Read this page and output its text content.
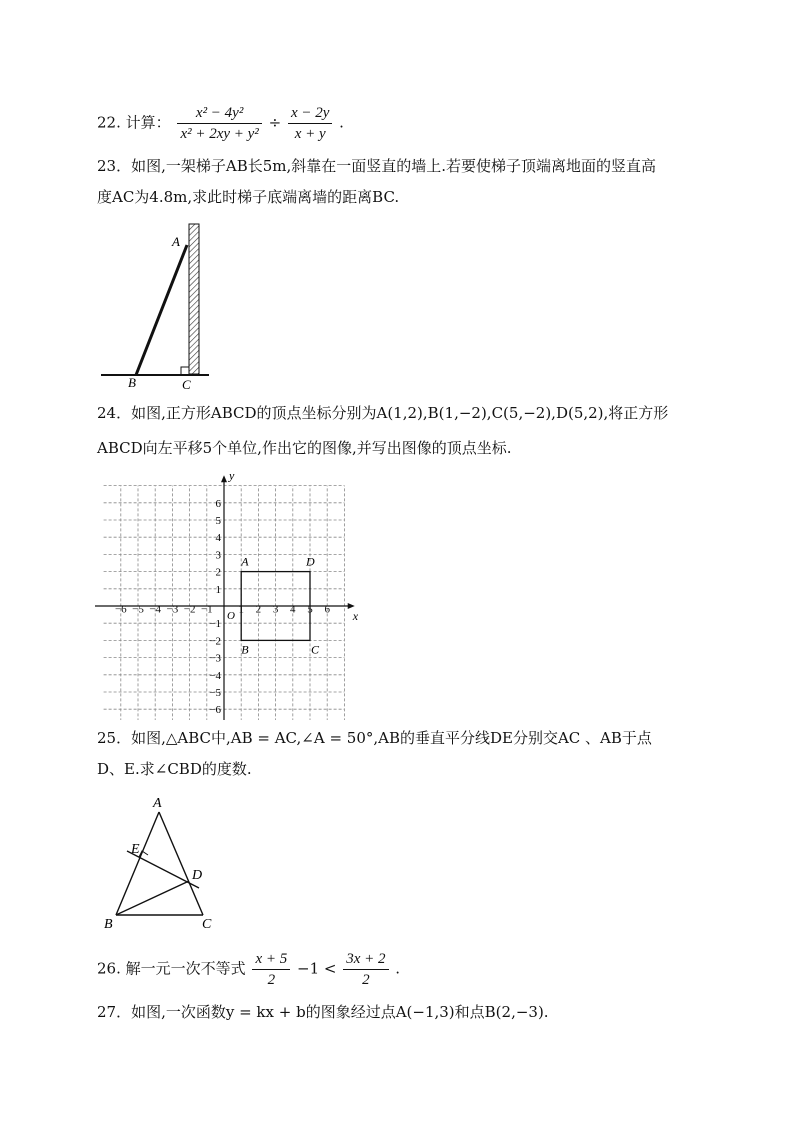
22. 计算： $\frac{\text{x² − 4y²}}{\text{x² + 2xy + y²}} \div \frac{x - 2y}{x + y}$ .
23．如图,一架梯子AB长5m,斜靠在一面竖直的墙上.若要使梯子顶端离地面的竖直高
度AC为4.8m,求此时梯子底端离墙的距离BC.
A
B	C
24．如图,正方形ABCD的顶点坐标分别为A(1,2),B(1,−2),C(5,−2),D(5,2),将正方形
ABCD向左平移5个单位,作出它的图像,并写出图像的顶点坐标.
x
y
O
−6 −5 −4 −3 −2 −1 1 2 3 4 5 6
6
5
4
3
2
1
−1
−2
−3
−4
−5
−6
A	D
B	C
25．如图,△ABC中,AB = AC,∠A = 50°,AB的垂直平分线DE分别交AC 、AB于点
D、E.求∠CBD的度数.
A
E
D
B	C
26. 解一元一次不等式 $\frac{x + 5}{2} -1 < \frac{3x + 2}{2}$ .
27．如图,一次函数y = kx + b的图象经过点A(−1,3)和点B(2,−3).
